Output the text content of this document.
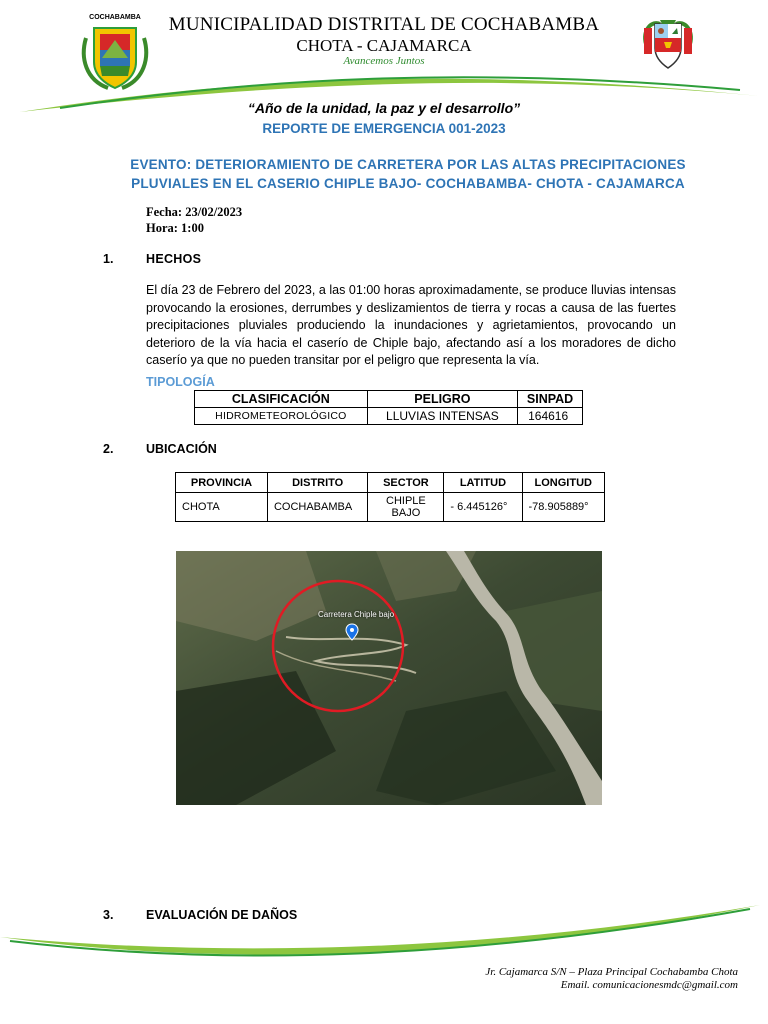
COCHABAMBA	MUNICIPALIDAD DISTRITAL DE COCHABAMBA
CHOTA - CAJAMARCA
Avancemos Juntos
“Año de la unidad, la paz y el desarrollo”
REPORTE DE EMERGENCIA 001-2023
EVENTO: DETERIORAMIENTO DE CARRETERA POR LAS ALTAS PRECIPITACIONES
PLUVIALES EN EL CASERIO CHIPLE BAJO- COCHABAMBA- CHOTA - CAJAMARCA
Fecha: 23/02/2023
Hora: 1:00
1.	HECHOS
El día 23 de Febrero del 2023, a las 01:00 horas aproximadamente, se produce lluvias intensas provocando la erosiones, derrumbes y deslizamientos de tierra y rocas a causa de las fuertes precipitaciones pluviales produciendo la inundaciones y agrietamientos, provocando un deterioro de la vía hacia el caserío de Chiple bajo, afectando así a los moradores de dicho caserío ya que no pueden transitar por el peligro que representa la vía.
TIPOLOGÍA
CLASIFICACIÓN	PELIGRO	SINPAD
HIDROMETEOROLÓGICO	LLUVIAS INTENSAS	164616
2.	UBICACIÓN
PROVINCIA	DISTRITO	SECTOR	LATITUD	LONGITUD
CHOTA	COCHABAMBA	CHIPLE BAJO	- 6.445126°	-78.905889°
Carretera Chiple bajo
3.	EVALUACIÓN DE DAÑOS
Jr. Cajamarca S/N – Plaza Principal Cochabamba Chota
Email. comunicacionesmdc@gmail.com
